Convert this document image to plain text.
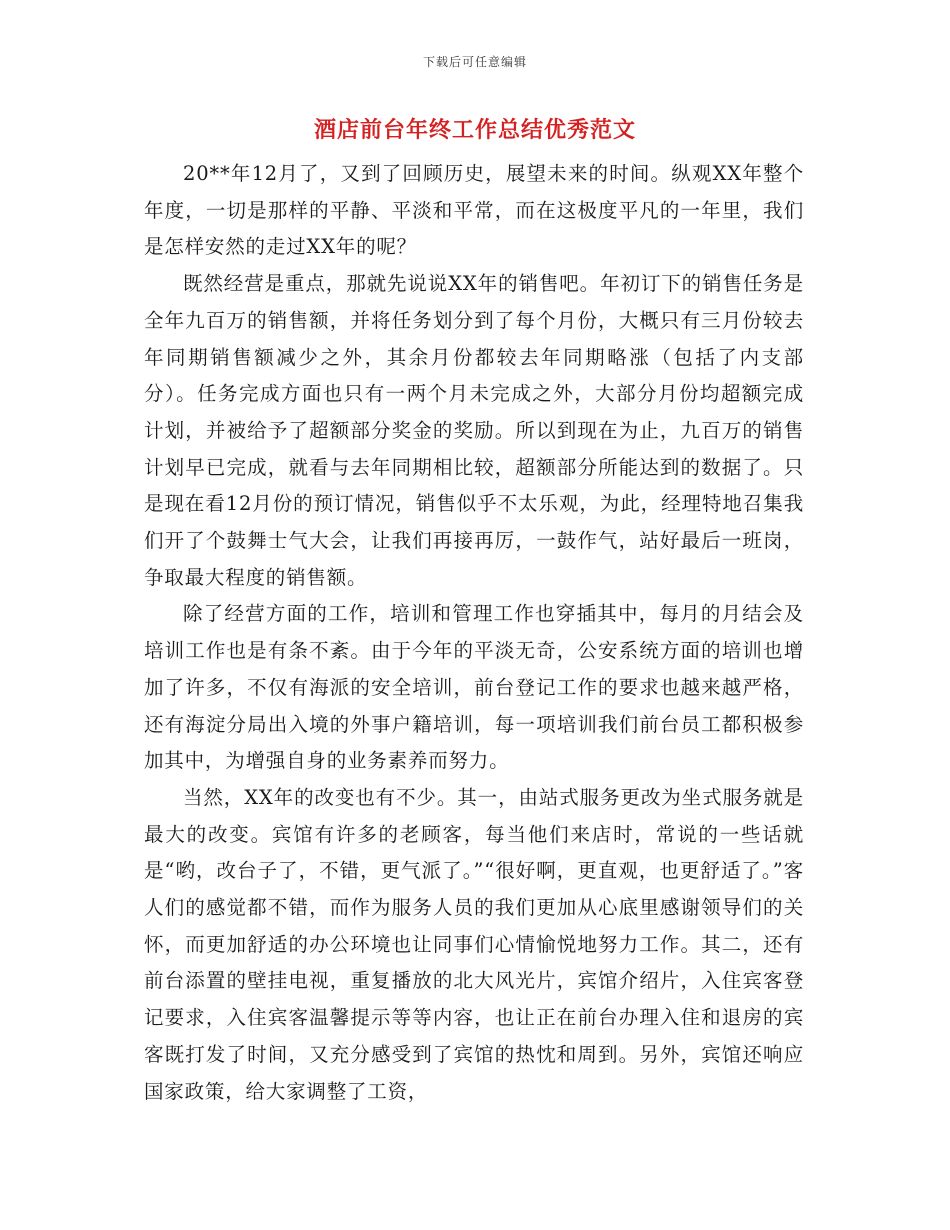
下载后可任意编辑
酒店前台年终工作总结优秀范文

20**年12月了，又到了回顾历史，展望未来的时间。纵观XX年整个年度，一切是那样的平静、平淡和平常，而在这极度平凡的一年里，我们是怎样安然的走过XX年的呢？

既然经营是重点，那就先说说XX年的销售吧。年初订下的销售任务是全年九百万的销售额，并将任务划分到了每个月份，大概只有三月份较去年同期销售额减少之外，其余月份都较去年同期略涨（包括了内支部分）。任务完成方面也只有一两个月未完成之外，大部分月份均超额完成计划，并被给予了超额部分奖金的奖励。所以到现在为止，九百万的销售计划早已完成，就看与去年同期相比较，超额部分所能达到的数据了。只是现在看12月份的预订情况，销售似乎不太乐观，为此，经理特地召集我们开了个鼓舞士气大会，让我们再接再厉，一鼓作气，站好最后一班岗，争取最大程度的销售额。

除了经营方面的工作，培训和管理工作也穿插其中，每月的月结会及培训工作也是有条不紊。由于今年的平淡无奇，公安系统方面的培训也增加了许多，不仅有海派的安全培训，前台登记工作的要求也越来越严格，还有海淀分局出入境的外事户籍培训，每一项培训我们前台员工都积极参加其中，为增强自身的业务素养而努力。

当然，XX年的改变也有不少。其一，由站式服务更改为坐式服务就是最大的改变。宾馆有许多的老顾客，每当他们来店时，常说的一些话就是“哟，改台子了，不错，更气派了。”“很好啊，更直观，也更舒适了。”客人们的感觉都不错，而作为服务人员的我们更加从心底里感谢领导们的关怀，而更加舒适的办公环境也让同事们心情愉悦地努力工作。其二，还有前台添置的壁挂电视，重复播放的北大风光片，宾馆介绍片，入住宾客登记要求，入住宾客温馨提示等等内容，也让正在前台办理入住和退房的宾客既打发了时间，又充分感受到了宾馆的热忱和周到。另外，宾馆还响应国家政策，给大家调整了工资，
